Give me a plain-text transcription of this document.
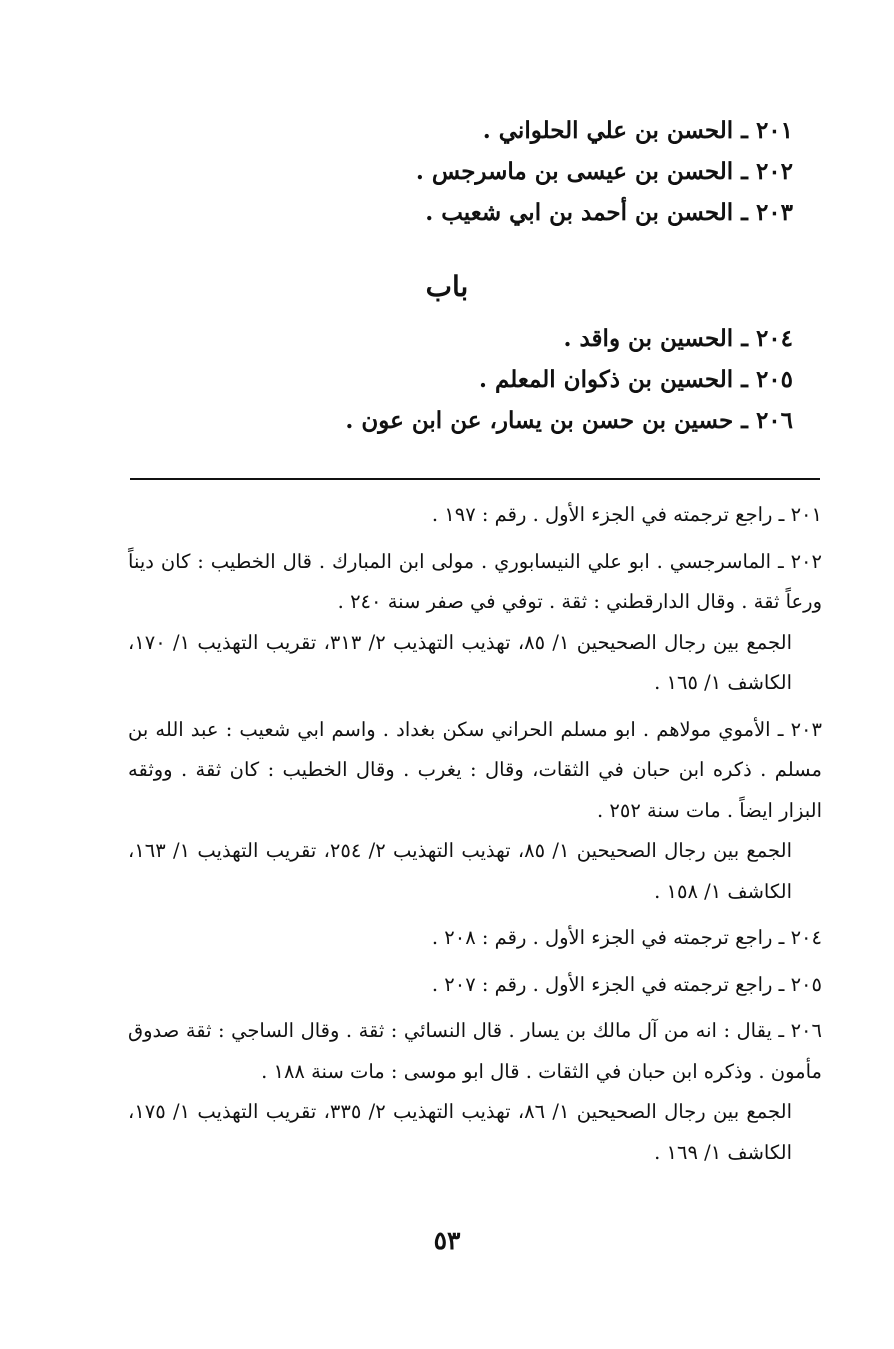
٢٠١ ـ الحسن بن علي الحلواني .
٢٠٢ ـ الحسن بن عيسى بن ماسرجس .
٢٠٣ ـ الحسن بن أحمد بن ابي شعيب .
باب
٢٠٤ ـ الحسين بن واقد .
٢٠٥ ـ الحسين بن ذكوان المعلم .
٢٠٦ ـ حسين بن حسن بن يسار، عن ابن عون .

٢٠١ ـ راجع ترجمته في الجزء الأول . رقم : ١٩٧ .

٢٠٢ ـ الماسرجسي . ابو علي النيسابوري . مولى ابن المبارك . قال الخطيب : كان ديناً ورعاً ثقة . وقال الدارقطني : ثقة . توفي في صفر سنة ٢٤٠ .

الجمع بين رجال الصحيحين ١/ ٨٥، تهذيب التهذيب ٢/ ٣١٣، تقريب التهذيب ١/ ١٧٠، الكاشف ١/ ١٦٥ .

٢٠٣ ـ الأموي مولاهم . ابو مسلم الحراني سكن بغداد . واسم ابي شعيب : عبد الله بن مسلم . ذكره ابن حبان في الثقات، وقال : يغرب . وقال الخطيب : كان ثقة . ووثقه البزار ايضاً . مات سنة ٢٥٢ .

الجمع بين رجال الصحيحين ١/ ٨٥، تهذيب التهذيب ٢/ ٢٥٤، تقريب التهذيب ١/ ١٦٣، الكاشف ١/ ١٥٨ .

٢٠٤ ـ راجع ترجمته في الجزء الأول . رقم : ٢٠٨ .

٢٠٥ ـ راجع ترجمته في الجزء الأول . رقم : ٢٠٧ .

٢٠٦ ـ يقال : انه من آل مالك بن يسار . قال النسائي : ثقة . وقال الساجي : ثقة صدوق مأمون . وذكره ابن حبان في الثقات . قال ابو موسى : مات سنة ١٨٨ .

الجمع بين رجال الصحيحين ١/ ٨٦، تهذيب التهذيب ٢/ ٣٣٥، تقريب التهذيب ١/ ١٧٥، الكاشف ١/ ١٦٩ .

٥٣
